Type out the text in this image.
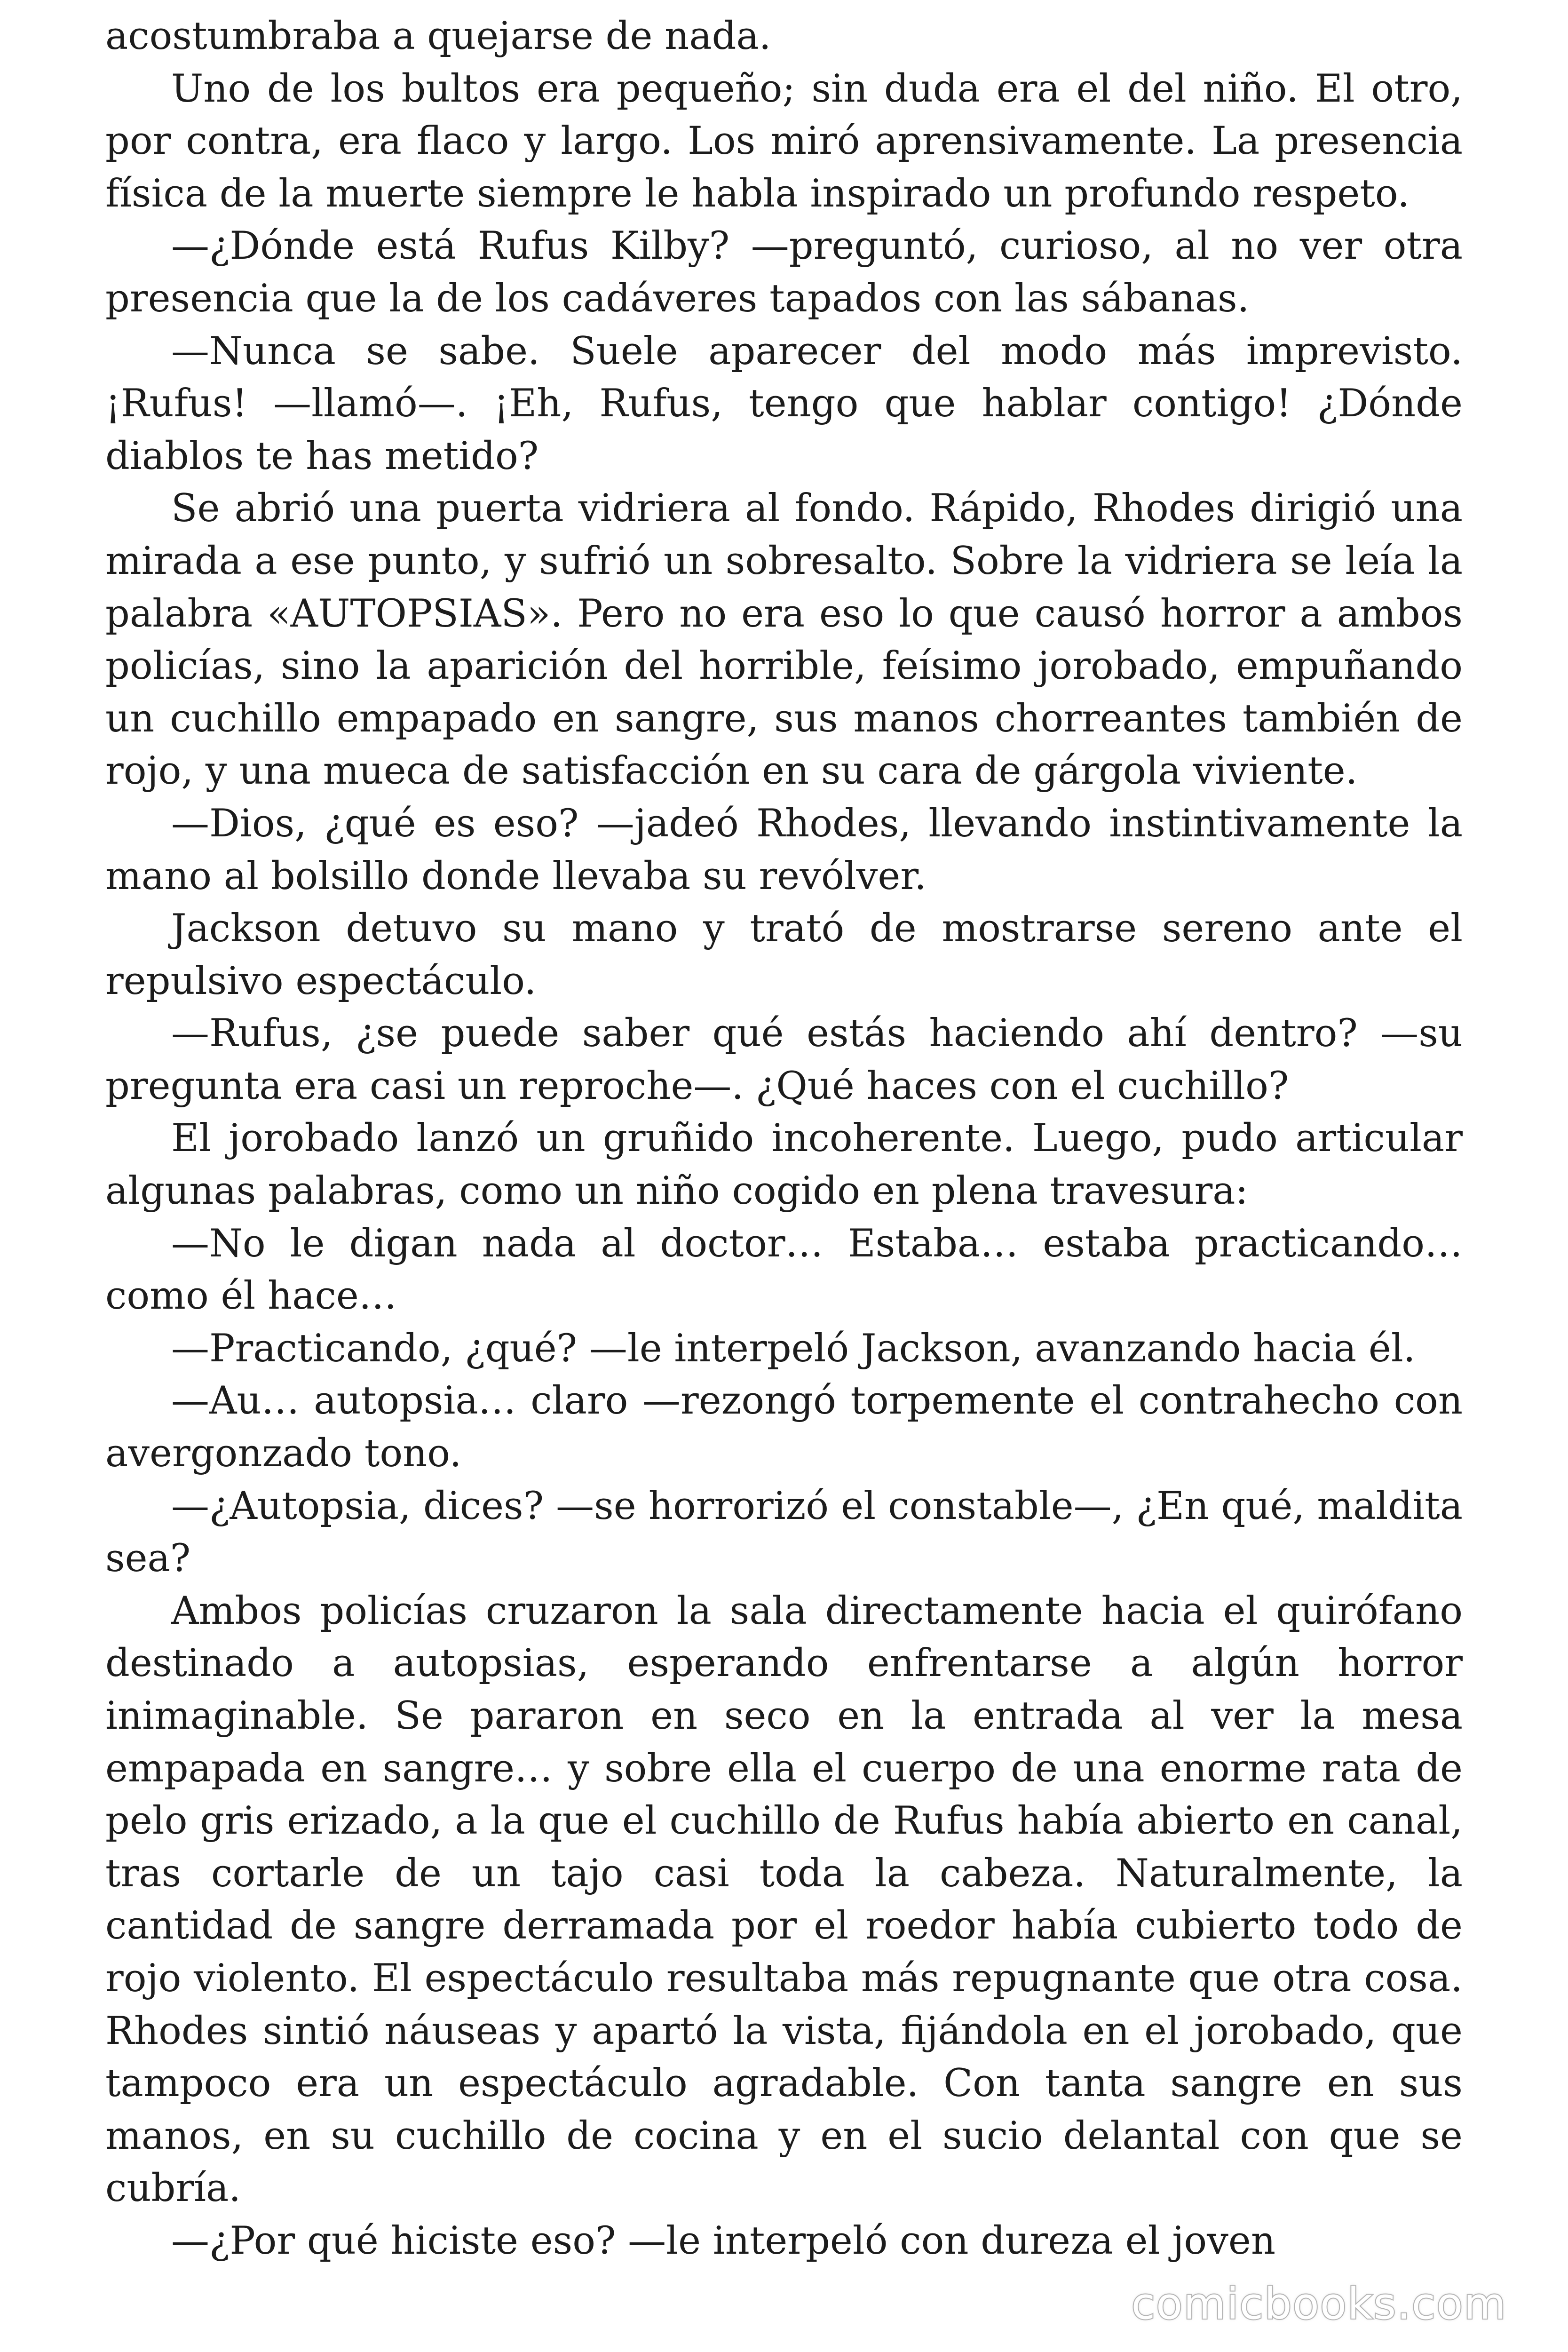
acostumbraba a quejarse de nada.

Uno de los bultos era pequeño; sin duda era el del niño. El otro, por contra, era flaco y largo. Los miró aprensivamente. La presencia física de la muerte siempre le habla inspirado un profundo respeto.

—¿Dónde está Rufus Kilby? —preguntó, curioso, al no ver otra presencia que la de los cadáveres tapados con las sábanas.

—Nunca se sabe. Suele aparecer del modo más imprevisto. ¡Rufus! —llamó—. ¡Eh, Rufus, tengo que hablar contigo! ¿Dónde diablos te has metido?

Se abrió una puerta vidriera al fondo. Rápido, Rhodes dirigió una mirada a ese punto, y sufrió un sobresalto. Sobre la vidriera se leía la palabra «AUTOPSIAS». Pero no era eso lo que causó horror a ambos policías, sino la aparición del horrible, feísimo jorobado, empuñando un cuchillo empapado en sangre, sus manos chorreantes también de rojo, y una mueca de satisfacción en su cara de gárgola viviente.

—Dios, ¿qué es eso? —jadeó Rhodes, llevando instintivamente la mano al bolsillo donde llevaba su revólver.

Jackson detuvo su mano y trató de mostrarse sereno ante el repulsivo espectáculo.

—Rufus, ¿se puede saber qué estás haciendo ahí dentro? —su pregunta era casi un reproche—. ¿Qué haces con el cuchillo?

El jorobado lanzó un gruñido incoherente. Luego, pudo articular algunas palabras, como un niño cogido en plena travesura:

—No le digan nada al doctor… Estaba… estaba practicando… como él hace…

—Practicando, ¿qué? —le interpeló Jackson, avanzando hacia él.

—Au… autopsia… claro —rezongó torpemente el contrahecho con avergonzado tono.

—¿Autopsia, dices? —se horrorizó el constable—, ¿En qué, maldita sea?

Ambos policías cruzaron la sala directamente hacia el quirófano destinado a autopsias, esperando enfrentarse a algún horror inimaginable. Se pararon en seco en la entrada al ver la mesa empapada en sangre… y sobre ella el cuerpo de una enorme rata de pelo gris erizado, a la que el cuchillo de Rufus había abierto en canal, tras cortarle de un tajo casi toda la cabeza. Naturalmente, la cantidad de sangre derramada por el roedor había cubierto todo de rojo violento. El espectáculo resultaba más repugnante que otra cosa. Rhodes sintió náuseas y apartó la vista, fijándola en el jorobado, que tampoco era un espectáculo agradable. Con tanta sangre en sus manos, en su cuchillo de cocina y en el sucio delantal con que se cubría.

—¿Por qué hiciste eso? —le interpeló con dureza el joven

comicbooks.com
